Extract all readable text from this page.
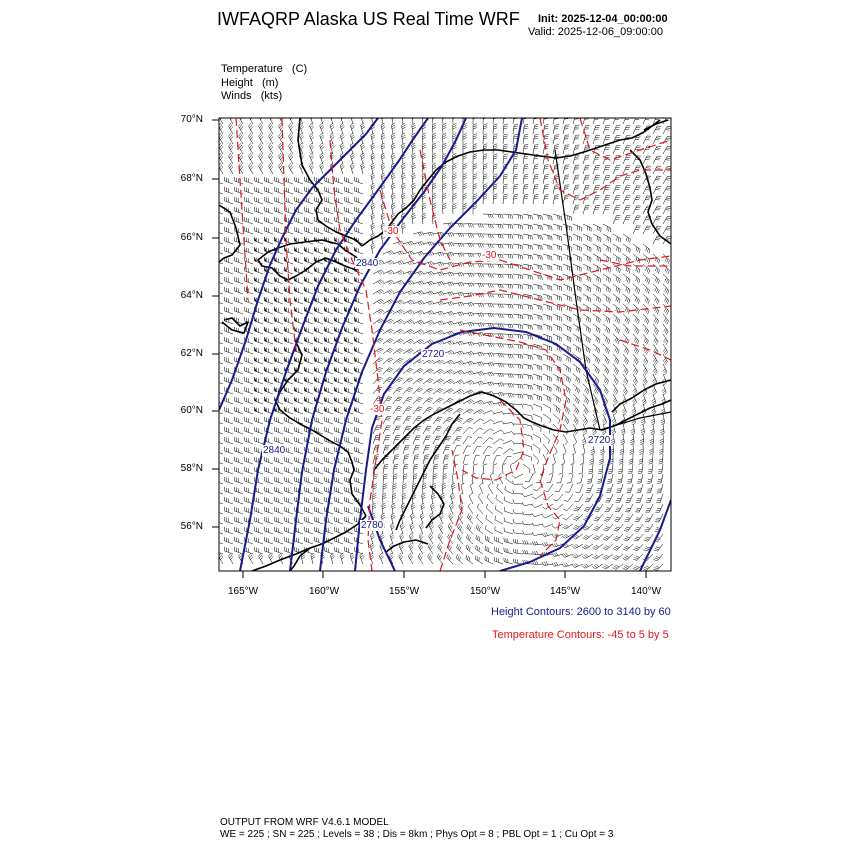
IWFAQRP Alaska US Real Time WRF Init: 2025-12-04_00:00:00
Valid: 2025-12-06_09:00:00
Temperature   (C)
Height   (m)
Winds   (kts)
70°N
68°N
66°N
64°N
62°N
60°N
58°N
56°N
165°W	160°W	155°W	150°W	145°W	140°W
2840
2720
2840
2780
2720
-30
-30
-30
Height Contours: 2600 to 3140 by 60
Temperature Contours: -45 to 5 by 5
OUTPUT FROM WRF V4.6.1 MODEL
WE = 225 ; SN = 225 ; Levels = 38 ; Dis = 8km ; Phys Opt = 8 ; PBL Opt = 1 ; Cu Opt = 3
